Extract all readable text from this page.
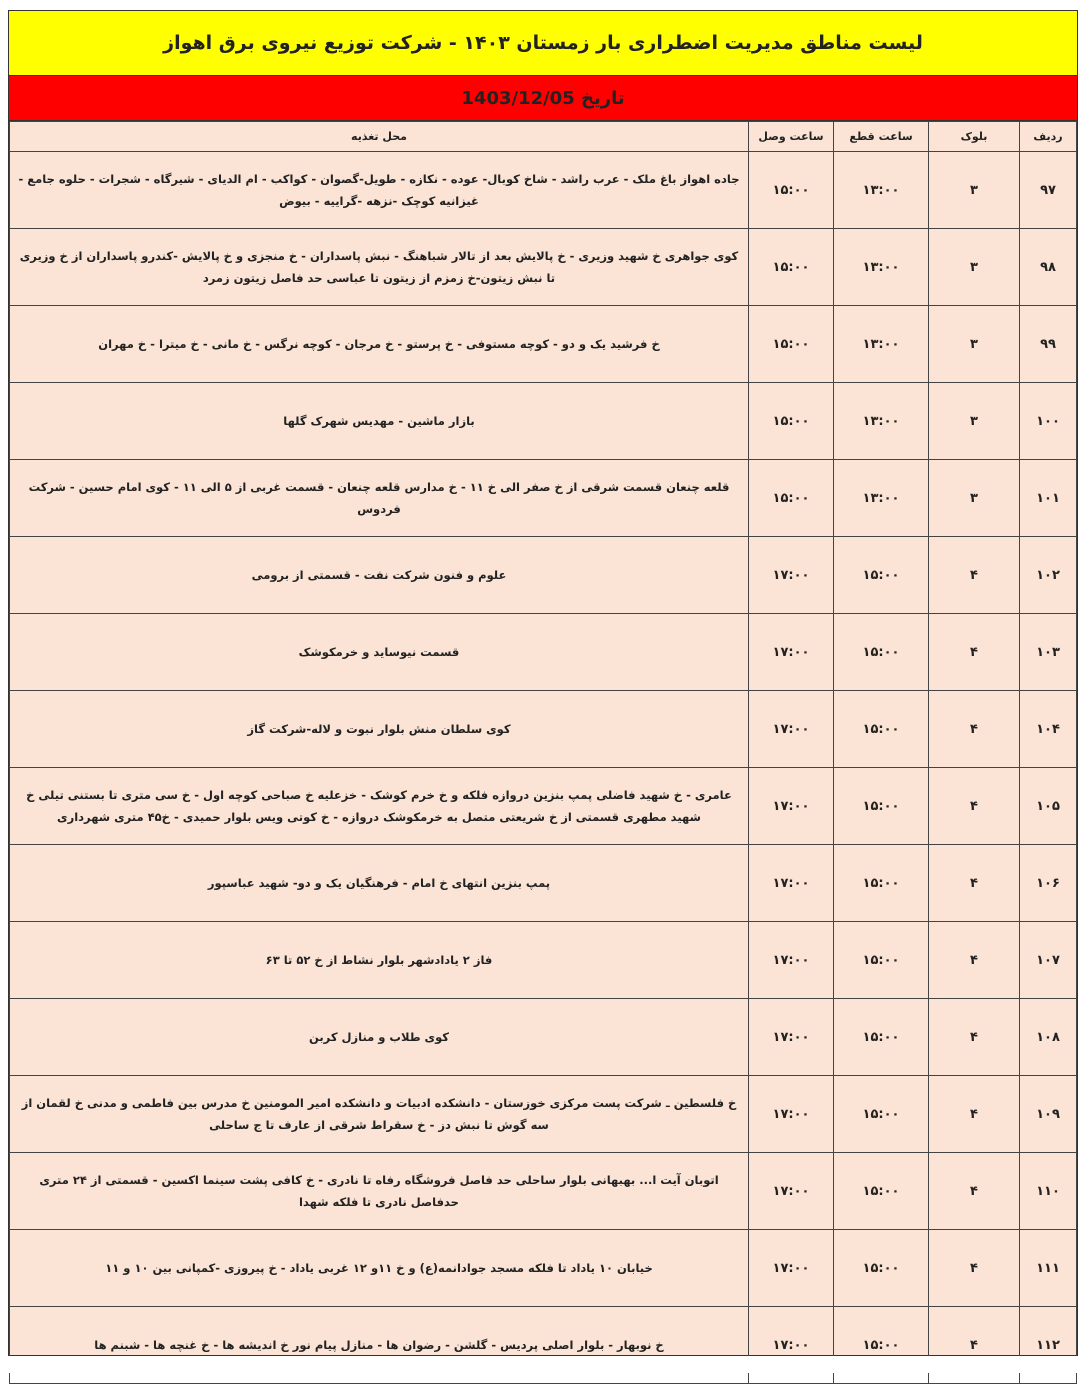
لیست مناطق مدیریت اضطراری بار زمستان ۱۴۰۳ - شرکت توزیع نیروی برق اهواز
تاریخ 1403/12/05
ردیف	بلوک	ساعت قطع	ساعت وصل	محل تغذیه
۹۷	۳	۱۳:۰۰	۱۵:۰۰	جاده اهواز باغ ملک - عرب راشد - شاخ کوبال- عوده - نکازه - طویل-گصوان - کواکب - ام الدیای - شیرگاه - شجرات - حلوه جامع - غیزانیه کوچک -نزهه -گراییه - بیوض
۹۸	۳	۱۳:۰۰	۱۵:۰۰	کوی جواهری خ شهید وزیری - خ پالایش بعد از تالار شباهنگ - نبش پاسداران - خ منجزی و خ پالایش -کندرو پاسداران از خ وزیری تا نبش زیتون-خ زمزم از زیتون تا عباسی حد فاصل زیتون زمرد
۹۹	۳	۱۳:۰۰	۱۵:۰۰	خ فرشید یک و دو - کوچه مستوفی - خ پرستو - خ مرجان - کوچه نرگس - خ مانی - خ میترا - خ مهران
۱۰۰	۳	۱۳:۰۰	۱۵:۰۰	بازار ماشین - مهدیس شهرک گلها
۱۰۱	۳	۱۳:۰۰	۱۵:۰۰	قلعه چنعان قسمت شرقی از خ صفر الی خ ۱۱ - خ مدارس قلعه چنعان - قسمت غربی از ۵ الی ۱۱ - کوی امام حسین - شرکت فردوس
۱۰۲	۴	۱۵:۰۰	۱۷:۰۰	علوم و فنون شرکت نفت - قسمتی از برومی
۱۰۳	۴	۱۵:۰۰	۱۷:۰۰	قسمت نیوساید و خرمکوشک
۱۰۴	۴	۱۵:۰۰	۱۷:۰۰	کوی سلطان منش بلوار نبوت و لاله-شرکت گاز
۱۰۵	۴	۱۵:۰۰	۱۷:۰۰	عامری - خ شهید فاضلی پمپ بنزین دروازه فلکه و خ خرم کوشک - خزعلیه خ صباحی کوچه اول - خ سی متری تا بستنی تیلی خ شهید مطهری قسمتی از خ شریعتی متصل به خرمکوشک دروازه - خ کوتی ویس بلوار حمیدی - خ۴۵ متری شهرداری
۱۰۶	۴	۱۵:۰۰	۱۷:۰۰	پمپ بنزین انتهای خ امام - فرهنگیان یک و دو- شهید عباسپور
۱۰۷	۴	۱۵:۰۰	۱۷:۰۰	فاز ۲ یادادشهر بلوار نشاط از خ ۵۲ تا ۶۳
۱۰۸	۴	۱۵:۰۰	۱۷:۰۰	کوی طلاب و منازل کربن
۱۰۹	۴	۱۵:۰۰	۱۷:۰۰	خ فلسطین ـ شرکت پست مرکزی خوزستان - دانشکده ادبیات و دانشکده امیر المومنین خ مدرس بین فاطمی و مدنی خ لقمان از سه گوش تا نبش دز - خ سقراط شرقی از عارف تا ج ساحلی
۱۱۰	۴	۱۵:۰۰	۱۷:۰۰	اتوبان آیت ا... بهبهانی بلوار ساحلی حد فاصل فروشگاه رفاه تا نادری - خ کافی پشت سینما اکسین - قسمتی از ۲۴ متری حدفاصل نادری تا فلکه شهدا
۱۱۱	۴	۱۵:۰۰	۱۷:۰۰	خیابان ۱۰ یاداد تا فلکه مسجد جوادانمه(ع) و خ ۱۱و ۱۲ غربی یاداد - خ پیروزی -کمپانی بین ۱۰ و ۱۱
۱۱۲	۴	۱۵:۰۰	۱۷:۰۰	خ نوبهار - بلوار اصلی پردیس - گلشن - رضوان ها - منازل پیام نور خ اندیشه ها - خ غنچه ها - شبنم ها
